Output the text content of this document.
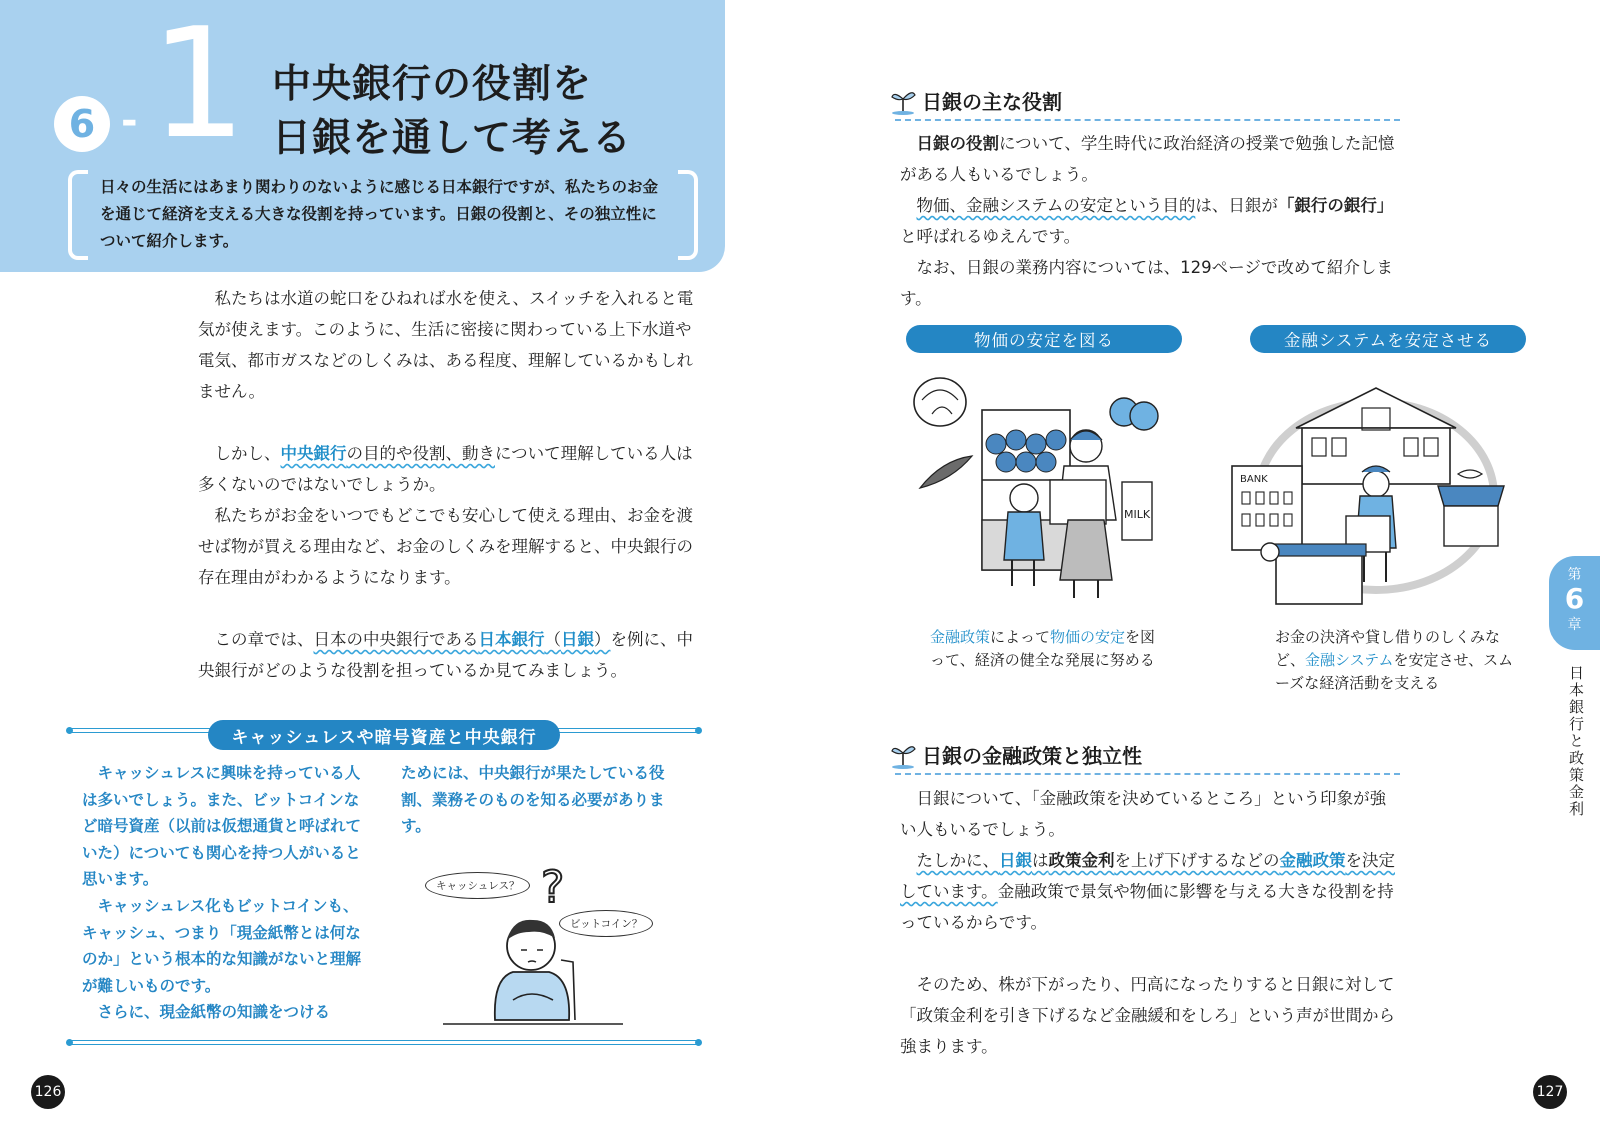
6 - 1 中央銀行の役割を
日銀を通して考える
日々の生活にはあまり関わりのないように感じる日本銀行ですが、私たちのお金を通じて経済を支える大きな役割を持っています。日銀の役割と、その独立性について紹介します。

私たちは水道の蛇口をひねれば水を使え、スイッチを入れると電気が使えます。このように、生活に密接に関わっている上下水道や電気、都市ガスなどのしくみは、ある程度、理解しているかもしれません。

しかし、中央銀行の目的や役割、動きについて理解している人は多くないのではないでしょうか。

私たちがお金をいつでもどこでも安心して使える理由、お金を渡せば物が買える理由など、お金のしくみを理解すると、中央銀行の存在理由がわかるようになります。

この章では、日本の中央銀行である日本銀行（日銀）を例に、中央銀行がどのような役割を担っているか見てみましょう。

キャッシュレスや暗号資産と中央銀行

キャッシュレスに興味を持っている人は多いでしょう。また、ビットコインなど暗号資産（以前は仮想通貨と呼ばれていた）についても関心を持つ人がいると思います。

キャッシュレス化もビットコインも、キャッシュ、つまり「現金紙幣とは何なのか」という根本的な知識がないと理解が難しいものです。

さらに、現金紙幣の知識をつける

ためには、中央銀行が果たしている役割、業務そのものを知る必要があります。

?
キャッシュレス？
ビットコイン？
126
日銀の主な役割

日銀の役割について、学生時代に政治経済の授業で勉強した記憶がある人もいるでしょう。

物価、金融システムの安定という目的は、日銀が「銀行の銀行」と呼ばれるゆえんです。

なお、日銀の業務内容については、129ページで改めて紹介します。

物価の安定を図る	金融システムを安定させる
MILK
BANK
金融政策によって物価の安定を図って、経済の健全な発展に努める
お金の決済や貸し借りのしくみなど、金融システムを安定させ、スムーズな経済活動を支える
日銀の金融政策と独立性

日銀について、「金融政策を決めているところ」という印象が強い人もいるでしょう。

たしかに、日銀は政策金利を上げ下げするなどの金融政策を決定しています。金融政策で景気や物価に影響を与える大きな役割を持っているからです。

そのため、株が下がったり、円高になったりすると日銀に対して「政策金利を引き下げるなど金融緩和をしろ」という声が世間から強まります。

第
6
章
日本銀行と政策金利
127
